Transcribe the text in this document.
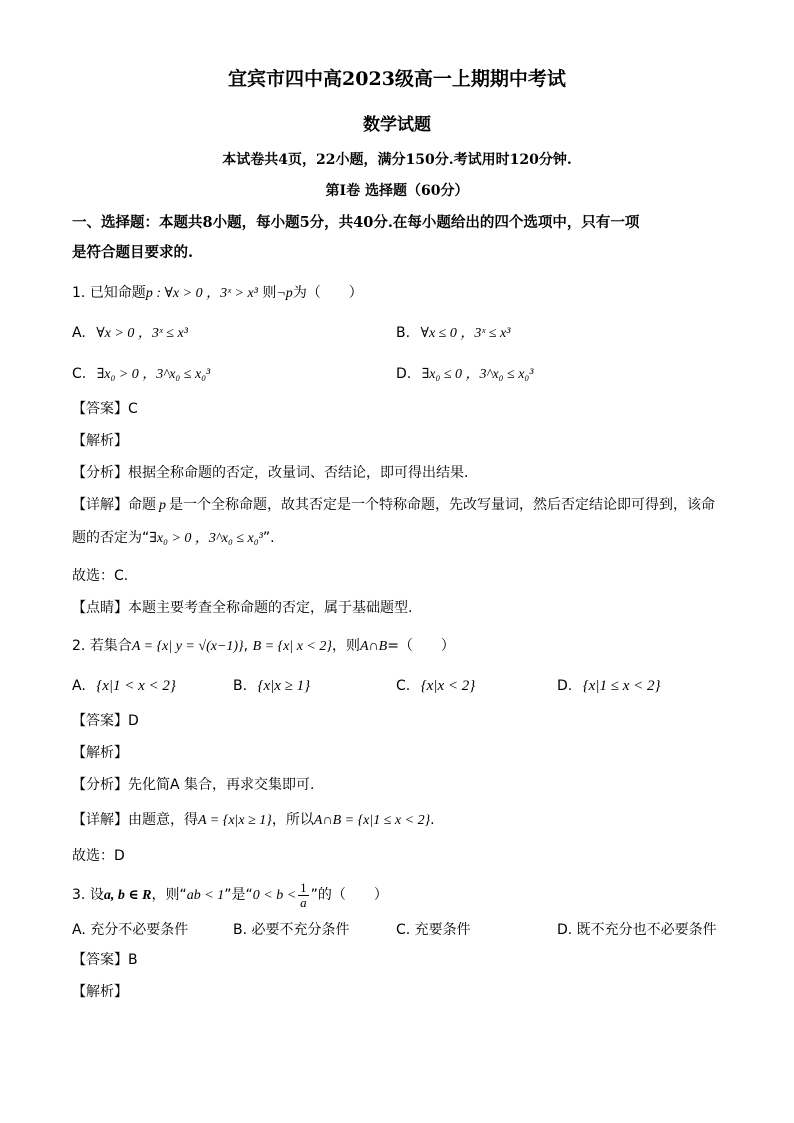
宜宾市四中高2023级高一上期期中考试
数学试题
本试卷共4页，22小题，满分150分.考试用时120分钟.
第I卷 选择题（60分）
一、选择题：本题共8小题，每小题5分，共40分.在每小题给出的四个选项中，只有一项
是符合题目要求的.
1. 已知命题p : ∀x > 0 ，3ˣ > x³ 则¬p为（　　）
A. ∀x > 0 ，3ˣ ≤ x³	B. ∀x ≤ 0 ，3ˣ ≤ x³
C. ∃x₀ > 0 ，3^x₀ ≤ x₀³	D. ∃x₀ ≤ 0 ，3^x₀ ≤ x₀³
【答案】C
【解析】
【分析】根据全称命题的否定，改量词、否结论，即可得出结果.
【详解】命题 p 是一个全称命题，故其否定是一个特称命题，先改写量词，然后否定结论即可得到，该命
题的否定为“∃x₀ > 0 ，3^x₀ ≤ x₀³”.
故选：C.
【点睛】本题主要考查全称命题的否定，属于基础题型.
2. 若集合A = {x| y = √(x−1)}, B = {x| x < 2}，则A∩B=（　　）
A. {x|1 < x < 2}	B. {x|x ≥ 1}	C. {x|x < 2}	D. {x|1 ≤ x < 2}
【答案】D
【解析】
【分析】先化简A 集合，再求交集即可.
【详解】由题意，得A = {x|x ≥ 1}，所以A∩B = {x|1 ≤ x < 2}.
故选：D
3. 设a, b ∈ R，则“ab < 1”是“$0 < b < \frac{1}{a}$ ”的（　　）
A. 充分不必要条件	B. 必要不充分条件	C. 充要条件	D. 既不充分也不必要条件
【答案】B
【解析】
